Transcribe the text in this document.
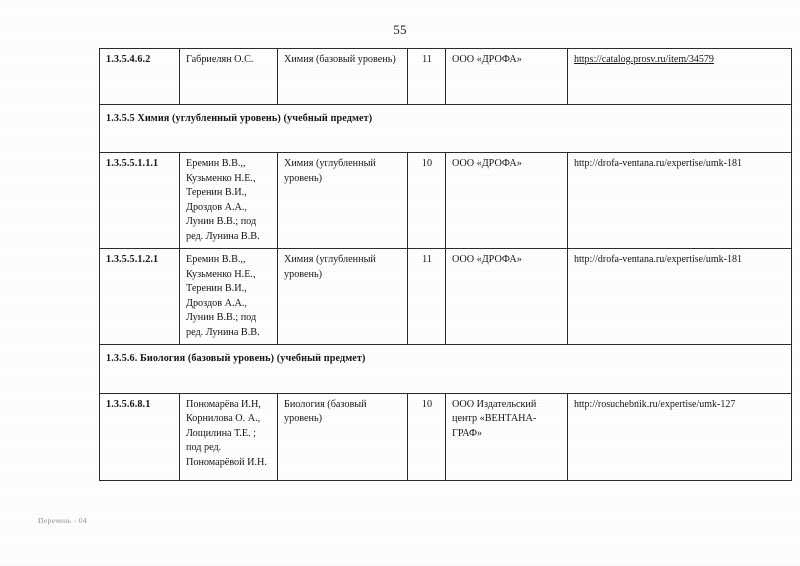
55
1.3.5.4.6.2	Габриелян О.С.	Химия (базовый уровень)	11	ООО «ДРОФА»	https://catalog.prosv.ru/item/34579
1.3.5.5 Химия (углубленный уровень) (учебный предмет)					
1.3.5.5.1.1.1	Еремин В.В.,, Кузьменко Н.Е., Теренин В.И., Дроздов А.А., Лунин В.В.; под ред. Лунина В.В.	Химия (углубленный уровень)	10	ООО «ДРОФА»	http://drofa-ventana.ru/expertise/umk-181
1.3.5.5.1.2.1	Еремин В.В.,, Кузьменко Н.Е., Теренин В.И., Дроздов А.А., Лунин В.В.; под ред. Лунина В.В.	Химия (углубленный уровень)	11	ООО «ДРОФА»	http://drofa-ventana.ru/expertise/umk-181
1.3.5.6. Биология (базовый уровень) (учебный предмет)					
1.3.5.6.8.1	Пономарёва И.Н, Корнилова О. А., Лощилина Т.Е. ; под ред. Пономарёвой И.Н.	Биология (базовый уровень)	10	ООО Издательский центр «ВЕНТАНА-ГРАФ»	http://rosuchebnik.ru/expertise/umk-127
Перечень - 04
